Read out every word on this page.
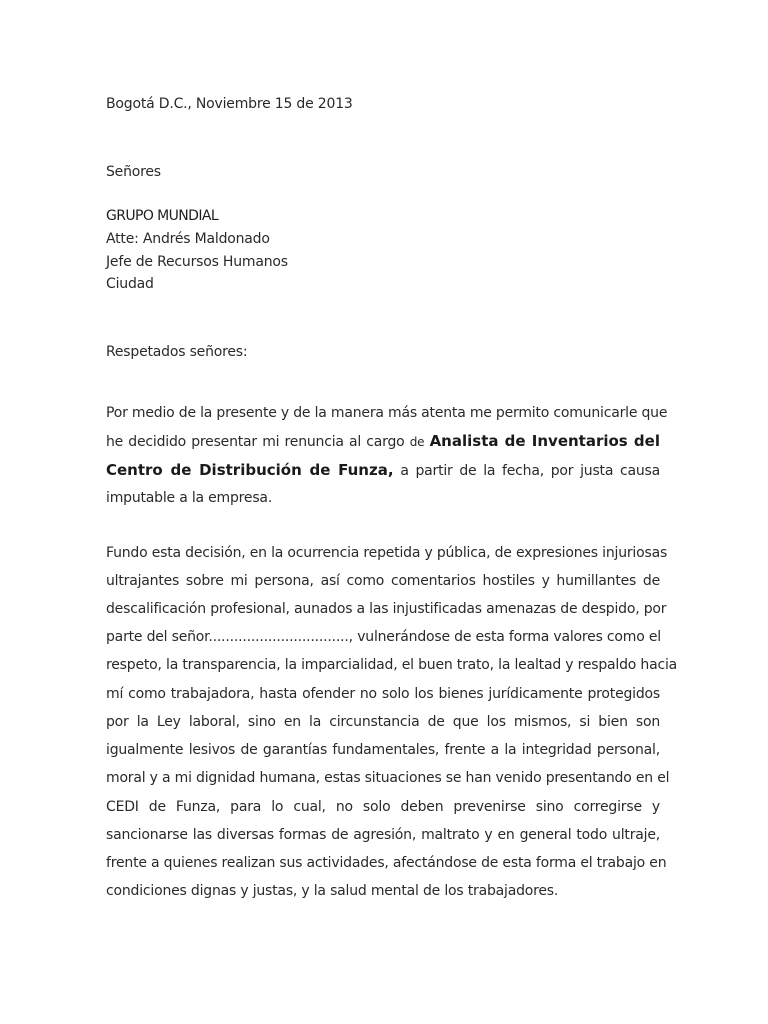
Bogotá D.C., Noviembre 15 de 2013
Señores
GRUPO MUNDIAL
Atte: Andrés Maldonado
Jefe de Recursos Humanos
Ciudad
Respetados señores:
Por medio de la presente y de la manera más atenta me permito comunicarle que
he decidido presentar mi renuncia al cargo de Analista de Inventarios del
Centro de Distribución de Funza, a partir de la fecha, por justa causa
imputable a la empresa.
Fundo esta decisión, en la ocurrencia repetida y pública, de expresiones injuriosas
ultrajantes sobre mi persona, así como comentarios hostiles y humillantes de
descalificación profesional, aunados a las injustificadas amenazas de despido, por
parte del señor................................., vulnerándose de esta forma valores como el
respeto, la transparencia, la imparcialidad, el buen trato, la lealtad y respaldo hacia
mí como trabajadora, hasta ofender no solo los bienes jurídicamente protegidos
por la Ley laboral, sino en la circunstancia de que los mismos, si bien son
igualmente lesivos de garantías fundamentales, frente a la integridad personal,
moral y a mi dignidad humana, estas situaciones se han venido presentando en el
CEDI de Funza, para lo cual, no solo deben prevenirse sino corregirse y
sancionarse las diversas formas de agresión, maltrato y en general todo ultraje,
frente a quienes realizan sus actividades, afectándose de esta forma el trabajo en
condiciones dignas y justas, y la salud mental de los trabajadores.
